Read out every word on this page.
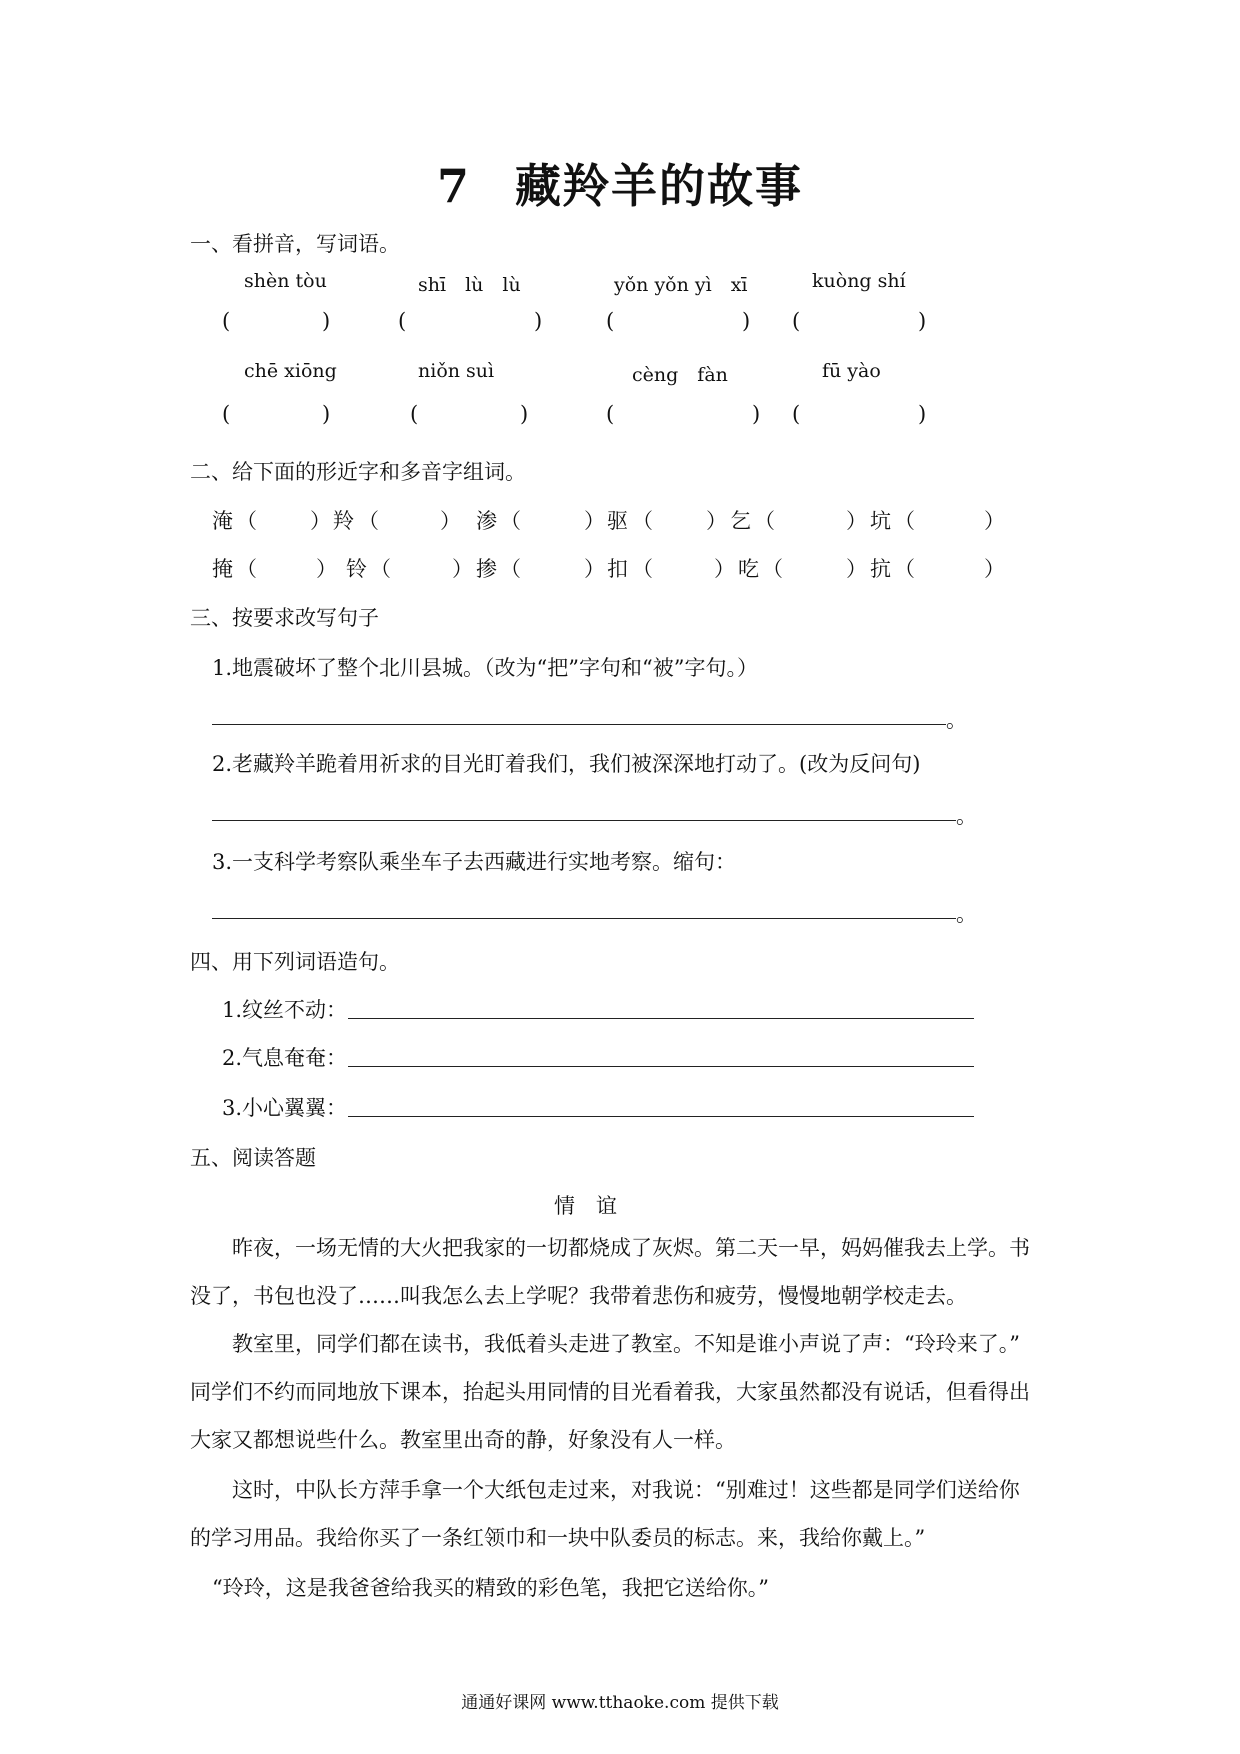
7 藏羚羊的故事
一、看拼音，写词语。
shèn tòu	shī　lù　lù	yǒn yǒn yì　xī	kuòng shí
(	)	(	)	(	) (	)
chē xiōng	niǒn suì	cèng　fàn	fū yào
(	)	(	)	(	) (	)
二、给下面的形近字和多音字组词。
淹 （	） 羚 （	） 渗 （	） 驱 （	） 乞 （	） 坑 （	）
掩 （	） 铃 （	） 掺 （	） 扣 （	） 吃 （	） 抗 （	）
三、按要求改写句子
1.地震破坏了整个北川县城。（改为“把”字句和“被”字句。）
。
2.老藏羚羊跪着用祈求的目光盯着我们，我们被深深地打动了。(改为反问句)
。
3.一支科学考察队乘坐车子去西藏进行实地考察。缩句：
。
四、用下列词语造句。
1.纹丝不动：
2.气息奄奄：
3.小心翼翼：
五、阅读答题
情　谊
昨夜，一场无情的大火把我家的一切都烧成了灰烬。第二天一早，妈妈催我去上学。书
没了，书包也没了……叫我怎么去上学呢？我带着悲伤和疲劳，慢慢地朝学校走去。
教室里，同学们都在读书，我低着头走进了教室。不知是谁小声说了声：“玲玲来了。”
同学们不约而同地放下课本，抬起头用同情的目光看着我，大家虽然都没有说话，但看得出
大家又都想说些什么。教室里出奇的静，好象没有人一样。
这时，中队长方萍手拿一个大纸包走过来，对我说：“别难过！这些都是同学们送给你
的学习用品。我给你买了一条红领巾和一块中队委员的标志。来，我给你戴上。”
“玲玲，这是我爸爸给我买的精致的彩色笔，我把它送给你。”
通通好课网 www.tthaoke.com 提供下载
